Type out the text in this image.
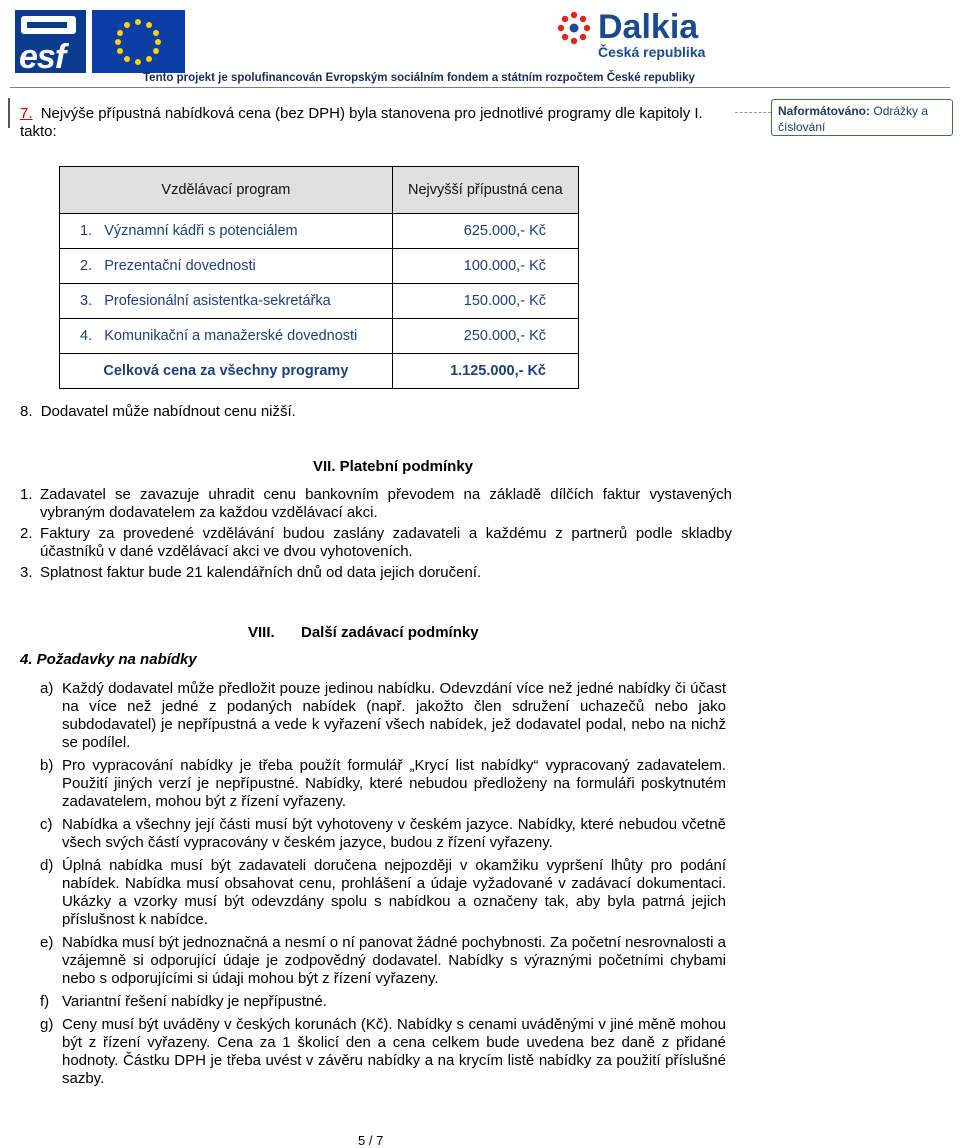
esf
Dalkia
Česká republika
Tento projekt je spolufinancován Evropským sociálním fondem a státním rozpočtem České republiky
Naformátováno: Odrážky a číslování
7. Nejvýše přípustná nabídková cena (bez DPH) byla stanovena pro jednotlivé programy dle kapitoly I. takto:
Vzdělávací program	Nejvyšší přípustná cena
1. Významní kádři s potenciálem	625.000,- Kč
2. Prezentační dovednosti	100.000,- Kč
3. Profesionální asistentka-sekretářka	150.000,- Kč
4. Komunikační a manažerské dovednosti	250.000,- Kč
Celková cena za všechny programy	1.125.000,- Kč
8. Dodavatel může nabídnout cenu nižší.
VII. Platební podmínky
1. Zadavatel se zavazuje uhradit cenu bankovním převodem na základě dílčích faktur vystavených vybraným dodavatelem za každou vzdělávací akci.
2. Faktury za provedené vzdělávání budou zaslány zadavateli a každému z partnerů podle skladby účastníků v dané vzdělávací akci ve dvou vyhotoveních.
3. Splatnost faktur bude 21 kalendářních dnů od data jejich doručení.
VIII. Další zadávací podmínky
4. Požadavky na nabídky
a) Každý dodavatel může předložit pouze jedinou nabídku. Odevzdání více než jedné nabídky či účast na více než jedné z podaných nabídek (např. jakožto člen sdružení uchazečů nebo jako subdodavatel) je nepřípustná a vede k vyřazení všech nabídek, jež dodavatel podal, nebo na nichž se podílel.
b) Pro vypracování nabídky je třeba použít formulář „Krycí list nabídky“ vypracovaný zadavatelem. Použití jiných verzí je nepřípustné. Nabídky, které nebudou předloženy na formuláři poskytnutém zadavatelem, mohou být z řízení vyřazeny.
c) Nabídka a všechny její části musí být vyhotoveny v českém jazyce. Nabídky, které nebudou včetně všech svých částí vypracovány v českém jazyce, budou z řízení vyřazeny.
d) Úplná nabídka musí být zadavateli doručena nejpozději v okamžiku vypršení lhůty pro podání nabídek. Nabídka musí obsahovat cenu, prohlášení a údaje vyžadované v zadávací dokumentaci. Ukázky a vzorky musí být odevzdány spolu s nabídkou a označeny tak, aby byla patrná jejich příslušnost k nabídce.
e) Nabídka musí být jednoznačná a nesmí o ní panovat žádné pochybnosti. Za početní nesrovnalosti a vzájemně si odporující údaje je zodpovědný dodavatel. Nabídky s výraznými početními chybami nebo s odporujícími si údaji mohou být z řízení vyřazeny.
f) Variantní řešení nabídky je nepřípustné.
g) Ceny musí být uváděny v českých korunách (Kč). Nabídky s cenami uváděnými v jiné měně mohou být z řízení vyřazeny. Cena za 1 školicí den a cena celkem bude uvedena bez daně z přidané hodnoty. Částku DPH je třeba uvést v závěru nabídky a na krycím listě nabídky za použití příslušné sazby.
5 / 7
